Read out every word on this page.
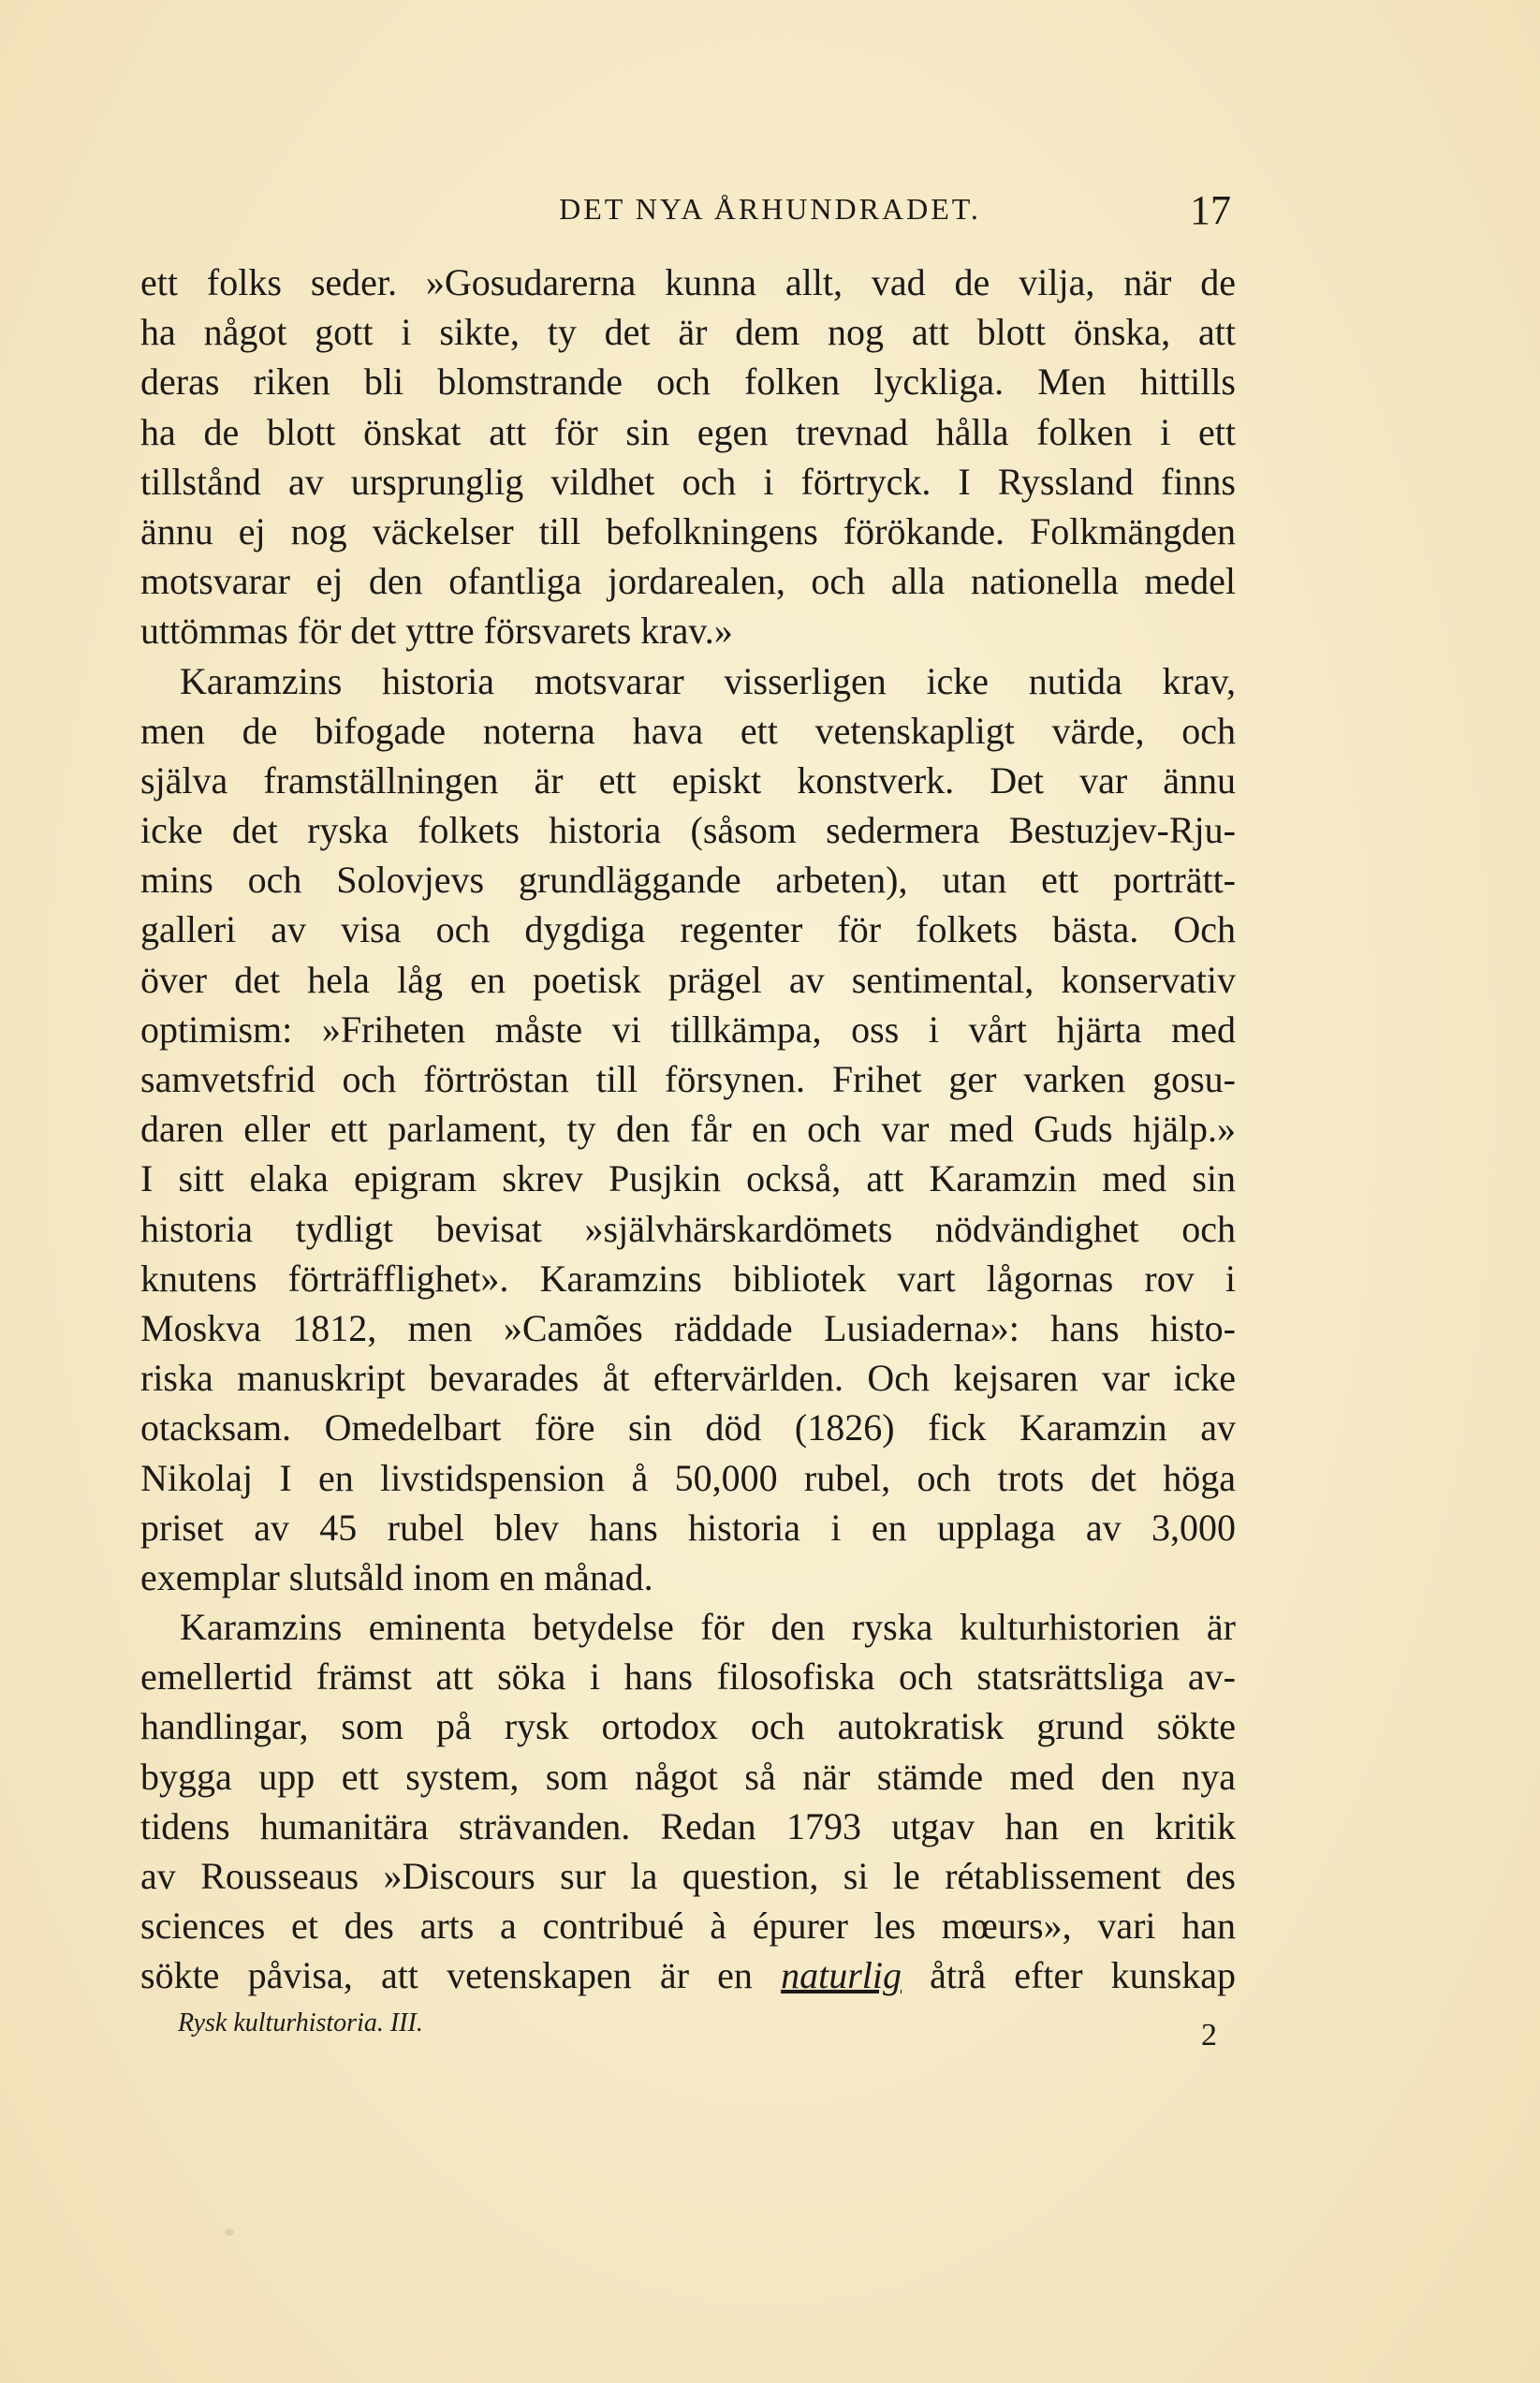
DET NYA ÅRHUNDRADET.	17
ett folks seder. »Gosudarerna kunna allt, vad de vilja, när de
ha något gott i sikte, ty det är dem nog att blott önska, att
deras riken bli blomstrande och folken lyckliga. Men hittills
ha de blott önskat att för sin egen trevnad hålla folken i ett
tillstånd av ursprunglig vildhet och i förtryck. I Ryssland finns
ännu ej nog väckelser till befolkningens förökande. Folkmängden
motsvarar ej den ofantliga jordarealen, och alla nationella medel
uttömmas för det yttre försvarets krav.»
Karamzins historia motsvarar visserligen icke nutida krav,
men de bifogade noterna hava ett vetenskapligt värde, och
själva framställningen är ett episkt konstverk. Det var ännu
icke det ryska folkets historia (såsom sedermera Bestuzjev-Rju-
mins och Solovjevs grundläggande arbeten), utan ett porträtt-
galleri av visa och dygdiga regenter för folkets bästa. Och
över det hela låg en poetisk prägel av sentimental, konservativ
optimism: »Friheten måste vi tillkämpa, oss i vårt hjärta med
samvetsfrid och förtröstan till försynen. Frihet ger varken gosu-
daren eller ett parlament, ty den får en och var med Guds hjälp.»
I sitt elaka epigram skrev Pusjkin också, att Karamzin med sin
historia tydligt bevisat »självhärskardömets nödvändighet och
knutens förträfflighet». Karamzins bibliotek vart lågornas rov i
Moskva 1812, men »Camões räddade Lusiaderna»: hans histo-
riska manuskript bevarades åt eftervärlden. Och kejsaren var icke
otacksam. Omedelbart före sin död (1826) fick Karamzin av
Nikolaj I en livstidspension å 50,000 rubel, och trots det höga
priset av 45 rubel blev hans historia i en upplaga av 3,000
exemplar slutsåld inom en månad.
Karamzins eminenta betydelse för den ryska kulturhistorien är
emellertid främst att söka i hans filosofiska och statsrättsliga av-
handlingar, som på rysk ortodox och autokratisk grund sökte
bygga upp ett system, som något så när stämde med den nya
tidens humanitära strävanden. Redan 1793 utgav han en kritik
av Rousseaus »Discours sur la question, si le rétablissement des
sciences et des arts a contribué à épurer les mœurs», vari han
sökte påvisa, att vetenskapen är en naturlig åtrå efter kunskap
Rysk kulturhistoria. III.	2
